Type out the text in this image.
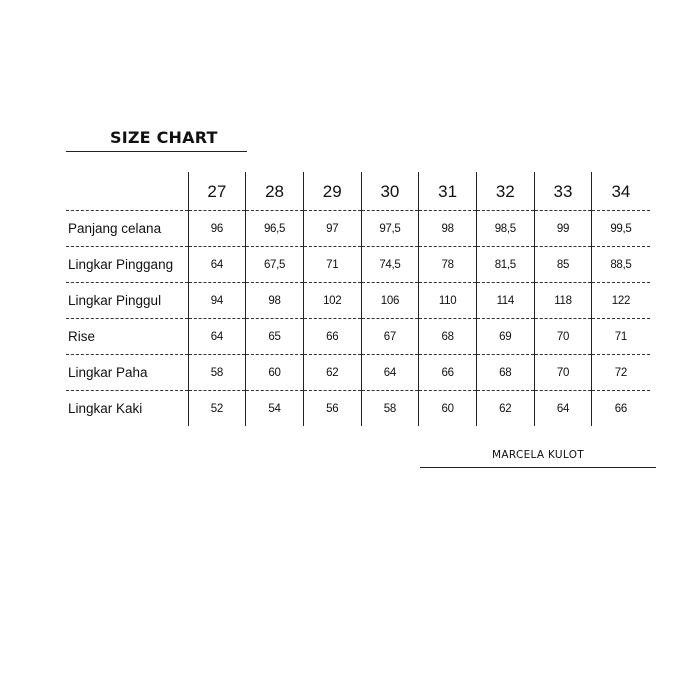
SIZE CHART
	27	28	29	30	31	32	33	34
Panjang celana	96	96,5	97	97,5	98	98,5	99	99,5
Lingkar Pinggang	64	67,5	71	74,5	78	81,5	85	88,5
Lingkar Pinggul	94	98	102	106	110	114	118	122
Rise	64	65	66	67	68	69	70	71
Lingkar Paha	58	60	62	64	66	68	70	72
Lingkar Kaki	52	54	56	58	60	62	64	66
MARCELA KULOT
